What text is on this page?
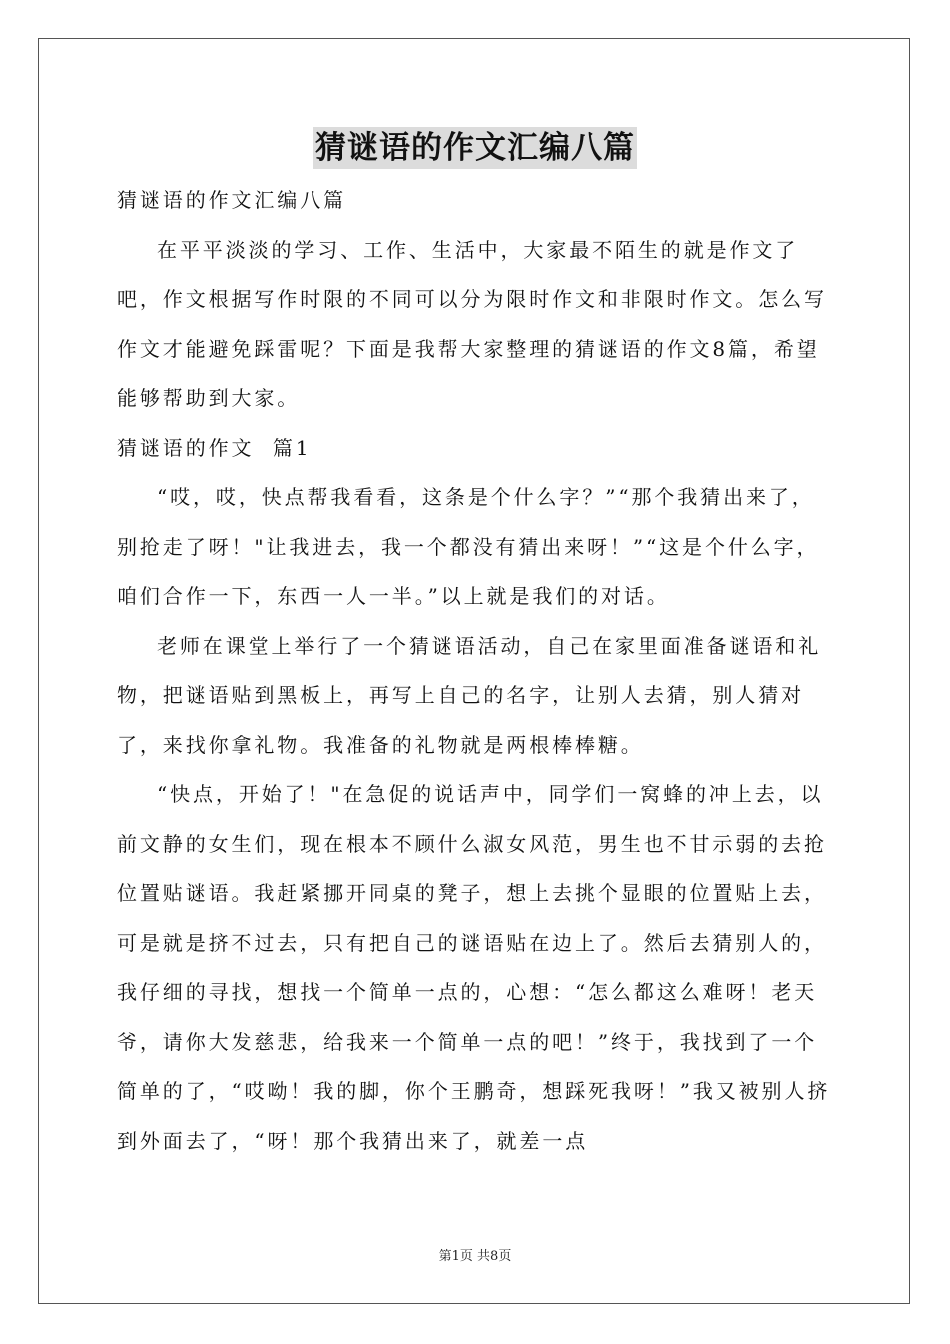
猜谜语的作文汇编八篇
猜谜语的作文汇编八篇

在平平淡淡的学习、工作、生活中，大家最不陌生的就是作文了吧，作文根据写作时限的不同可以分为限时作文和非限时作文。怎么写作文才能避免踩雷呢？下面是我帮大家整理的猜谜语的作文8篇，希望能够帮助到大家。

猜谜语的作文  篇1

“哎，哎，快点帮我看看，这条是个什么字？”“那个我猜出来了，别抢走了呀！"让我进去，我一个都没有猜出来呀！”“这是个什么字，咱们合作一下，东西一人一半。”以上就是我们的对话。

老师在课堂上举行了一个猜谜语活动，自己在家里面准备谜语和礼物，把谜语贴到黑板上，再写上自己的名字，让别人去猜，别人猜对了，来找你拿礼物。我准备的礼物就是两根棒棒糖。

“快点，开始了！"在急促的说话声中，同学们一窝蜂的冲上去，以前文静的女生们，现在根本不顾什么淑女风范，男生也不甘示弱的去抢位置贴谜语。我赶紧挪开同桌的凳子，想上去挑个显眼的位置贴上去，可是就是挤不过去，只有把自己的谜语贴在边上了。然后去猜别人的，我仔细的寻找，想找一个简单一点的，心想：“怎么都这么难呀！老天爷，请你大发慈悲，给我来一个简单一点的吧！”终于，我找到了一个简单的了，“哎呦！我的脚，你个王鹏奇，想踩死我呀！”我又被别人挤到外面去了，“呀！那个我猜出来了，就差一点

第1页 共8页
